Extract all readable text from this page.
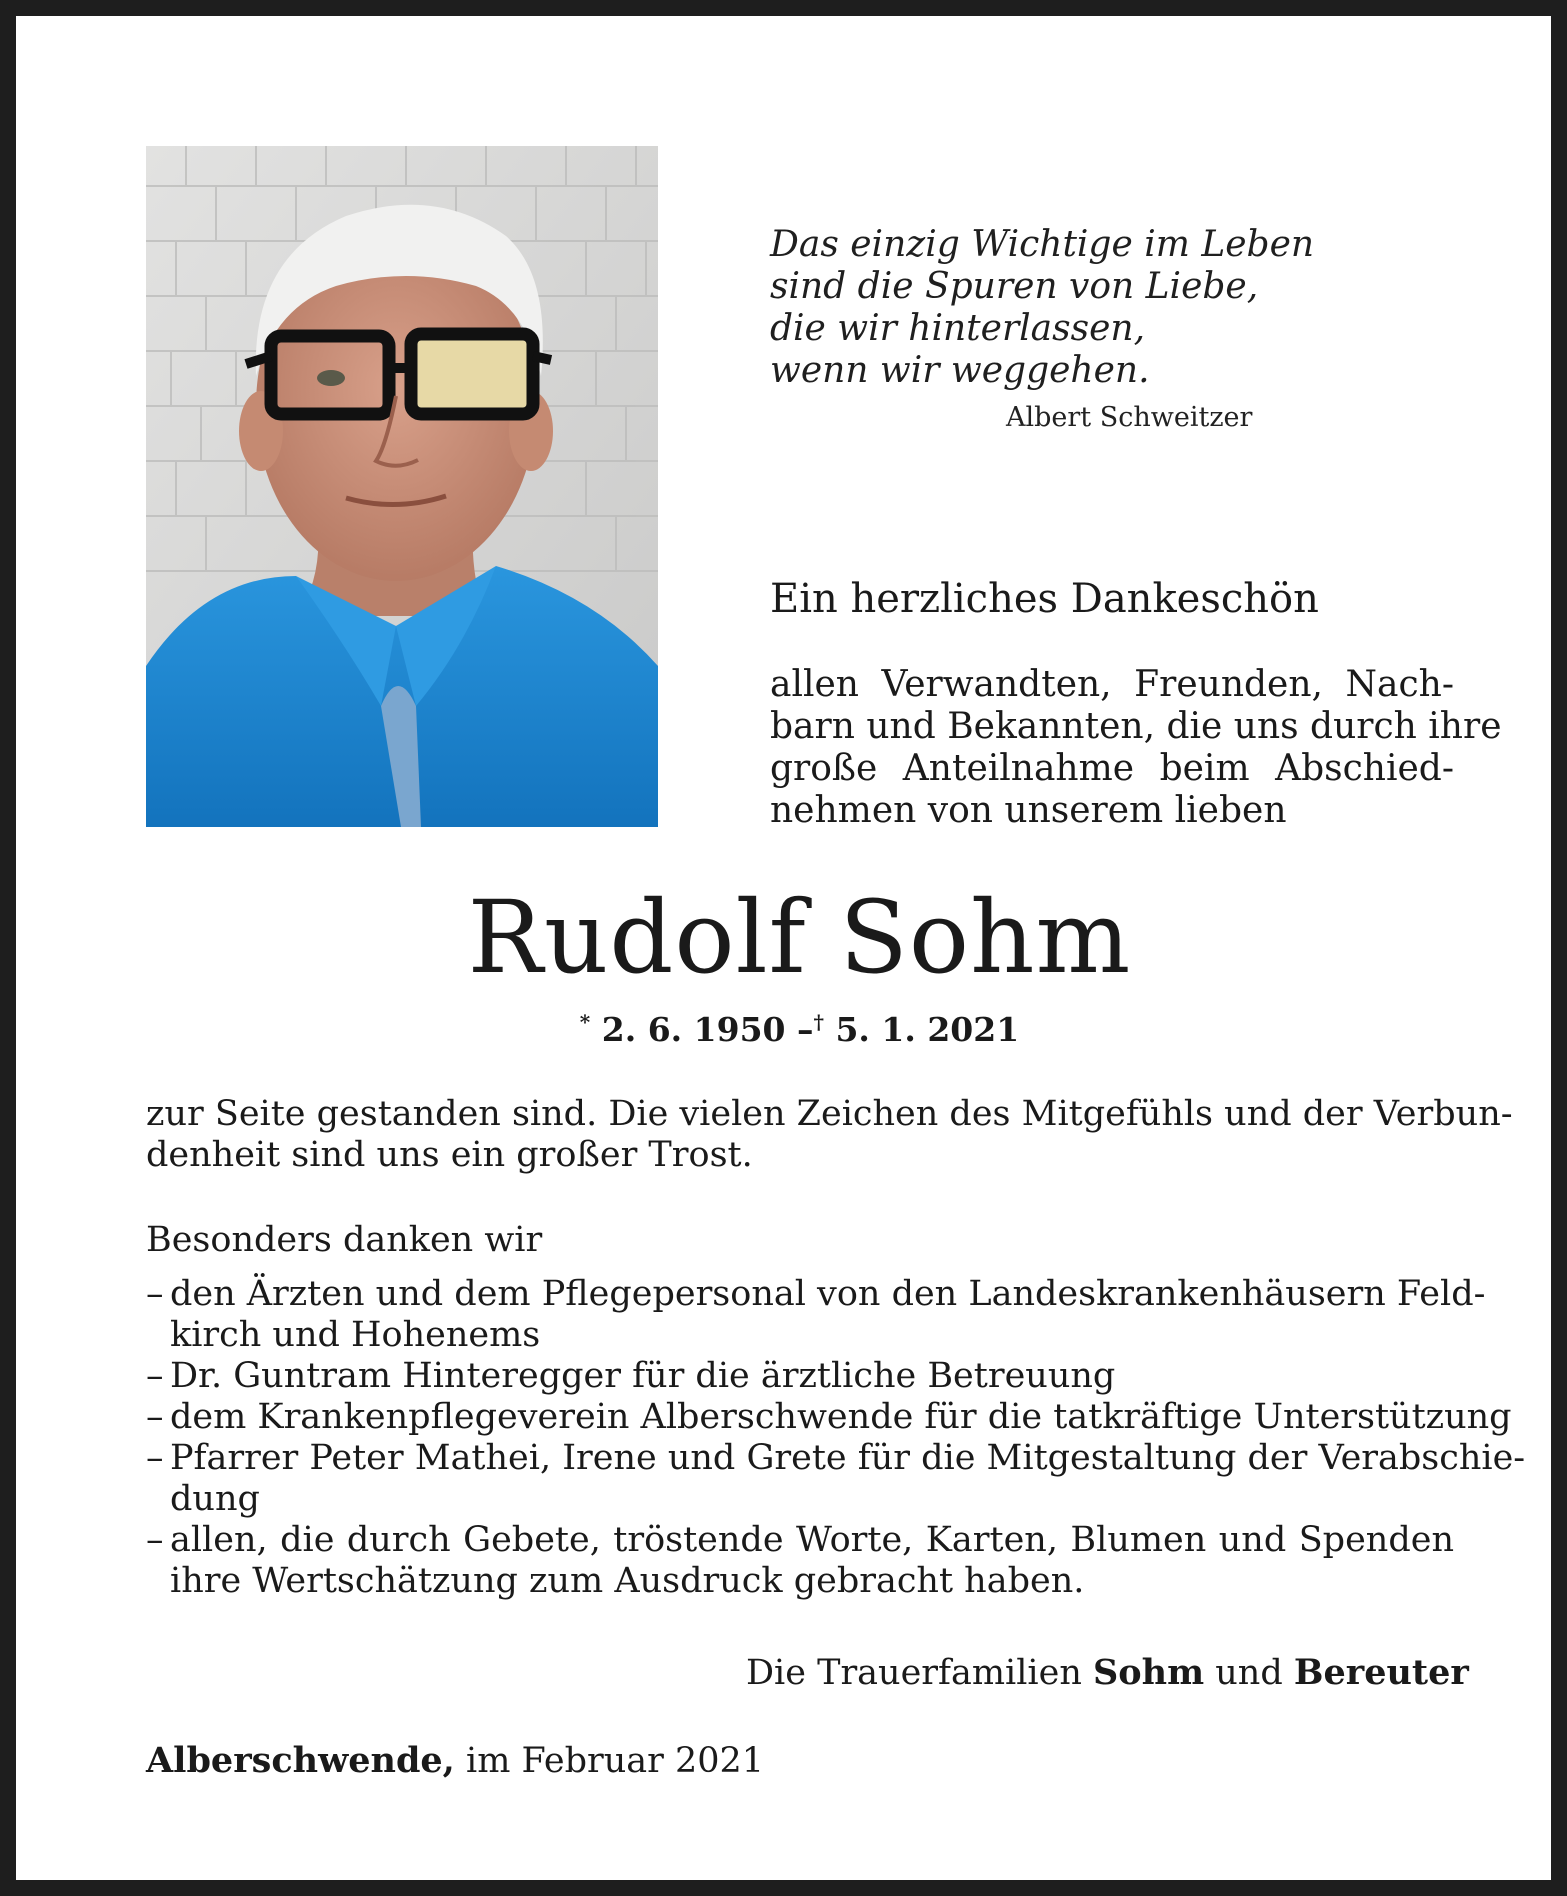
Das einzig Wichtige im Leben
sind die Spuren von Liebe,
die wir hinterlassen,
wenn wir weggehen.
Albert Schweitzer
Ein herzliches Dankeschön
allen Verwandten, Freunden, Nach-
barn und Bekannten, die uns durch ihre
große Anteilnahme beim Abschied-
nehmen von unserem lieben
Rudolf Sohm
* 2. 6. 1950 –† 5. 1. 2021
zur Seite gestanden sind. Die vielen Zeichen des Mitgefühls und der Verbun-
denheit sind uns ein großer Trost.
Besonders danken wir
– den Ärzten und dem Pflegepersonal von den Landeskrankenhäusern Feld-
kirch und Hohenems
– Dr. Guntram Hinteregger für die ärztliche Betreuung
– dem Krankenpflegeverein Alberschwende für die tatkräftige Unterstützung
– Pfarrer Peter Mathei, Irene und Grete für die Mitgestaltung der Verabschie-
dung
– allen, die durch Gebete, tröstende Worte, Karten, Blumen und Spenden
ihre Wertschätzung zum Ausdruck gebracht haben.
Die Trauerfamilien Sohm und Bereuter
Alberschwende, im Februar 2021
